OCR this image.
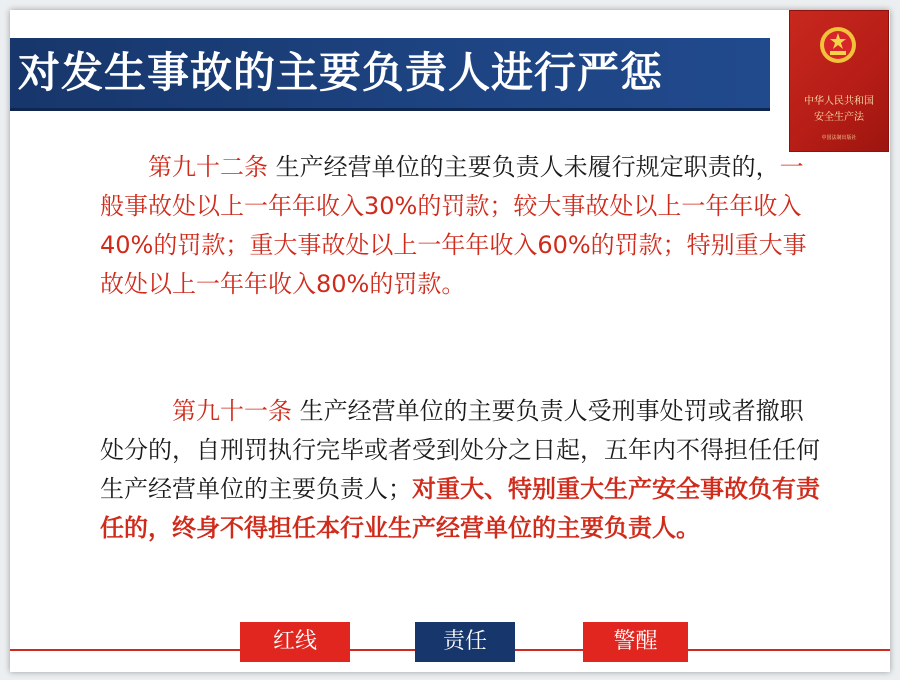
对发生事故的主要负责人进行严惩
中华人民共和国
安全生产法
中国法制出版社
第九十二条 生产经营单位的主要负责人未履行规定职责的，一般事故处以上一年年收入30%的罚款；较大事故处以上一年年收入40%的罚款；重大事故处以上一年年收入60%的罚款；特别重大事故处以上一年年收入80%的罚款。
第九十一条 生产经营单位的主要负责人受刑事处罚或者撤职处分的，自刑罚执行完毕或者受到处分之日起，五年内不得担任任何生产经营单位的主要负责人；对重大、特别重大生产安全事故负有责任的，终身不得担任本行业生产经营单位的主要负责人。
红线	责任	警醒
